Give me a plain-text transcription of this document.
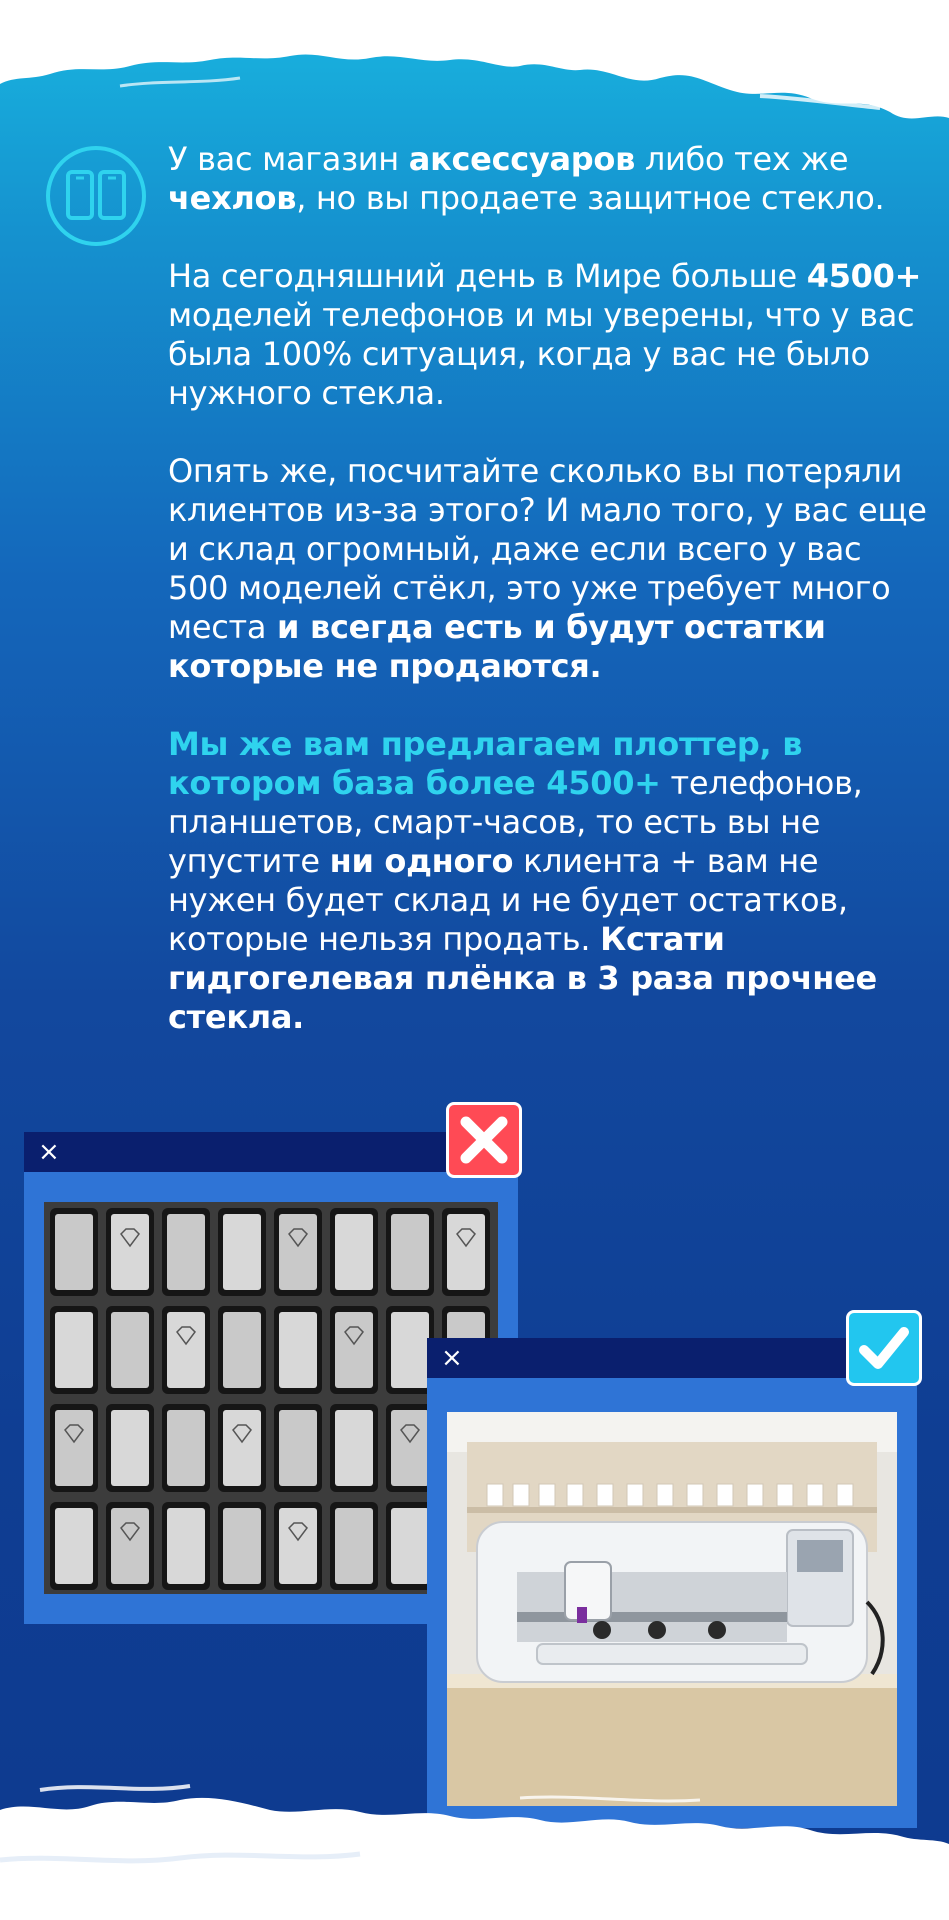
У вас магазин аксессуаров либо тех же чехлов, но вы продаете защитное стекло.

На сегодняшний день в Мире больше 4500+ моделей телефонов и мы уверены, что у вас была 100% ситуация, когда у вас не было нужного стекла.

Опять же, посчитайте сколько вы потеряли клиентов из-за этого? И мало того, у вас еще и склад огромный, даже если всего у вас 500 моделей стёкл, это уже требует много места и всегда есть и будут остатки которые не продаются.

Мы же вам предлагаем плоттер, в котором база более 4500+ телефонов, планшетов, смарт-часов, то есть вы не упустите ни одного клиента + вам не нужен будет склад и не будет остатков, которые нельзя продать. Кстати гидгогелевая плёнка в 3 раза прочнее стекла.

×
×
